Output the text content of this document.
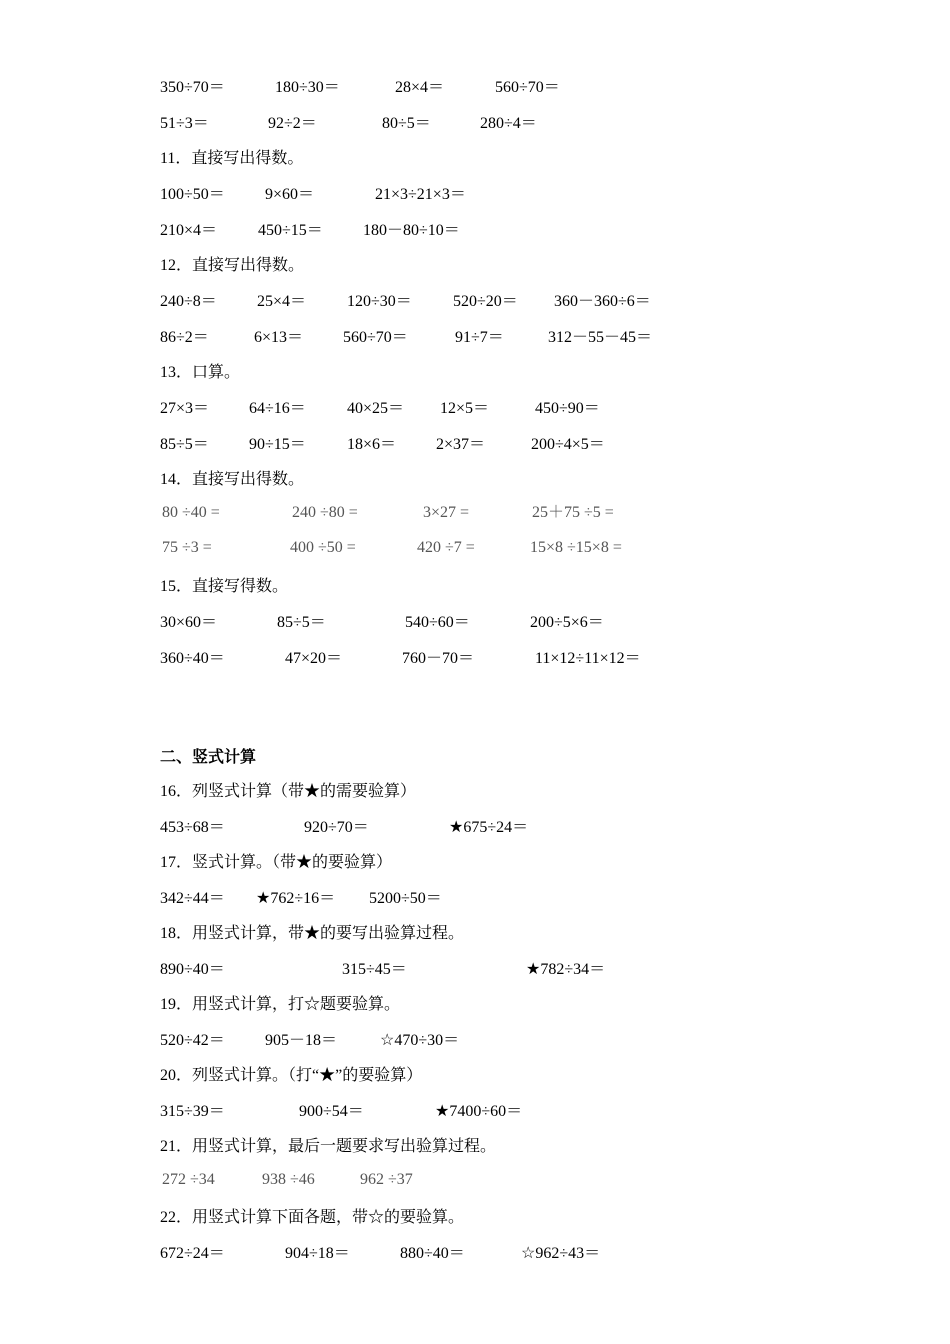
350÷70＝	180÷30＝	28×4＝	560÷70＝
51÷3＝	92÷2＝	80÷5＝	280÷4＝
11．直接写出得数。
100÷50＝	9×60＝	21×3÷21×3＝
210×4＝	450÷15＝	180－80÷10＝
12．直接写出得数。
240÷8＝	25×4＝	120÷30＝	520÷20＝ 360－360÷6＝
86÷2＝	6×13＝ 560÷70＝	91÷7＝	312－55－45＝
13．口算。
27×3＝ 64÷16＝	40×25＝ 12×5＝	450÷90＝
85÷5＝	90÷15＝	18×6＝ 2×37＝	200÷4×5＝
14．直接写出得数。
80 ÷40 =	240 ÷80 =	3×27 =	25＋75 ÷5 =
75 ÷3 =	400 ÷50 =	420 ÷7 =	15×8 ÷15×8 =
15．直接写得数。
30×60＝	85÷5＝	540÷60＝	200÷5×6＝
360÷40＝	47×20＝	760－70＝	11×12÷11×12＝
二、竖式计算
16．列竖式计算（带★的需要验算）
453÷68＝	920÷70＝	★675÷24＝
17．竖式计算。（带★的要验算）
342÷44＝ ★762÷16＝ 5200÷50＝
18．用竖式计算，带★的要写出验算过程。
890÷40＝	315÷45＝	★782÷34＝
19．用竖式计算，打☆题要验算。
520÷42＝	905－18＝	☆470÷30＝
20．列竖式计算。（打“★”的要验算）
315÷39＝	900÷54＝	★7400÷60＝
21．用竖式计算，最后一题要求写出验算过程。
272 ÷34	938 ÷46	962 ÷37
22．用竖式计算下面各题，带☆的要验算。
672÷24＝	904÷18＝	880÷40＝	☆962÷43＝
